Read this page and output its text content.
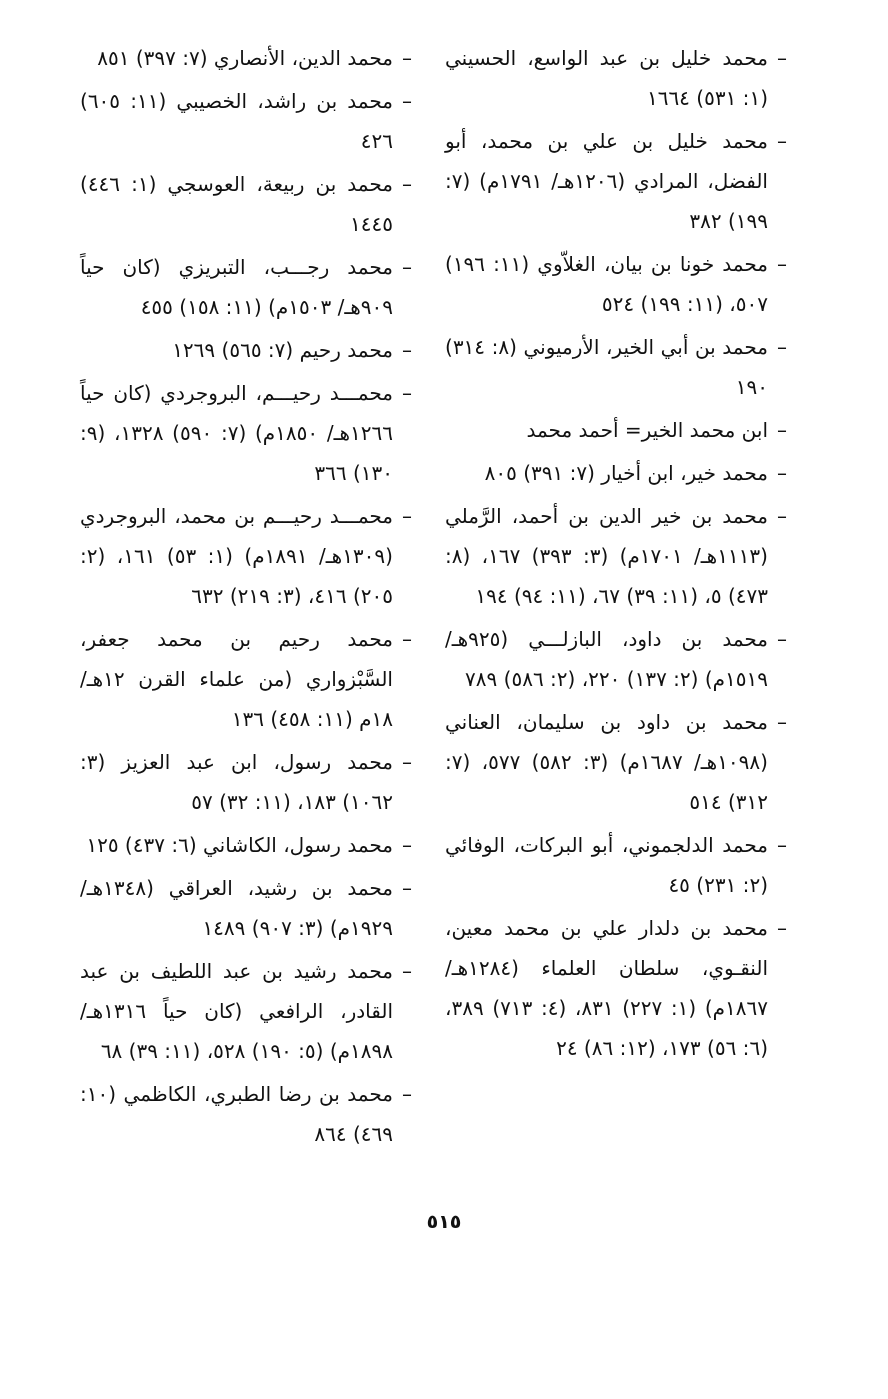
–
محمد خليل بن عبد الواسع، الحسيني (١: ٥٣١) ١٦٦٤

–
محمد خليل بن علي بن محمد، أبو الفضل، المرادي (١٢٠٦هـ/ ١٧٩١م) (٧: ١٩٩) ٣٨٢

–
محمد خونا بن بيان، الغلاّوي (١١: ١٩٦) ٥٠٧، (١١: ١٩٩) ٥٢٤

–
محمد بن أبي الخير، الأرميوني (٨: ٣١٤) ١٩٠

–
ابن محمد الخير= أحمد محمد

–
محمد خير، ابن أخيار (٧: ٣٩١) ٨٠٥

–
محمد بن خير الدين بن أحمد، الرَّملي (١١١٣هـ/ ١٧٠١م) (٣: ٣٩٣) ١٦٧، (٨: ٤٧٣) ٥، (١١: ٣٩) ٦٧، (١١: ٩٤) ١٩٤

–
محمد بن داود، البازلـــي (٩٢٥هـ/ ١٥١٩م) (٢: ١٣٧) ٢٢٠، (٢: ٥٨٦) ٧٨٩

–
محمد بن داود بن سليمان، العناني (١٠٩٨هـ/ ١٦٨٧م) (٣: ٥٨٢) ٥٧٧، (٧: ٣١٢) ٥١٤

–
محمد الدلجموني، أبو البركات، الوفائي (٢: ٢٣١) ٤٥

–
محمد بن دلدار علي بن محمد معين، النقـوي، سلطان العلماء (١٢٨٤هـ/ ١٨٦٧م) (١: ٢٢٧) ٨٣١، (٤: ٧١٣) ٣٨٩، (٦: ٥٦) ١٧٣، (١٢: ٨٦) ٢٤

–
محمد الدين، الأنصاري (٧: ٣٩٧) ٨٥١

–
محمد بن راشد، الخصيبي (١١: ٦٠٥) ٤٢٦

–
محمد بن ربيعة، العوسجي (١: ٤٤٦) ١٤٤٥

–
محمد رجـــب، التبريزي (كان حياً ٩٠٩هـ/ ١٥٠٣م) (١١: ١٥٨) ٤٥٥

–
محمد رحيم (٧: ٥٦٥) ١٢٦٩

–
محمـــد رحيـــم، البروجردي (كان حياً ١٢٦٦هـ/ ١٨٥٠م) (٧: ٥٩٠) ١٣٢٨، (٩: ١٣٠) ٣٦٦

–
محمـــد رحيـــم بن محمد، البروجردي (١٣٠٩هـ/ ١٨٩١م) (١: ٥٣) ١٦١، (٢: ٢٠٥) ٤١٦، (٣: ٢١٩) ٦٣٢

–
محمد رحيم بن محمد جعفر، السَّبْزواري (من علماء القرن ١٢هـ/ ١٨م (١١: ٤٥٨) ١٣٦

–
محمد رسول، ابن عبد العزيز (٣: ١٠٦٢) ١٨٣، (١١: ٣٢) ٥٧

–
محمد رسول، الكاشاني (٦: ٤٣٧) ١٢٥

–
محمد بن رشيد، العراقي (١٣٤٨هـ/ ١٩٢٩م) (٣: ٩٠٧) ١٤٨٩

–
محمد رشيد بن عبد اللطيف بن عبد القادر، الرافعي (كان حياً ١٣١٦هـ/ ١٨٩٨م) (٥: ١٩٠) ٥٢٨، (١١: ٣٩) ٦٨

–
محمد بن رضا الطبري، الكاظمي (١٠: ٤٦٩) ٨٦٤

٥١٥
